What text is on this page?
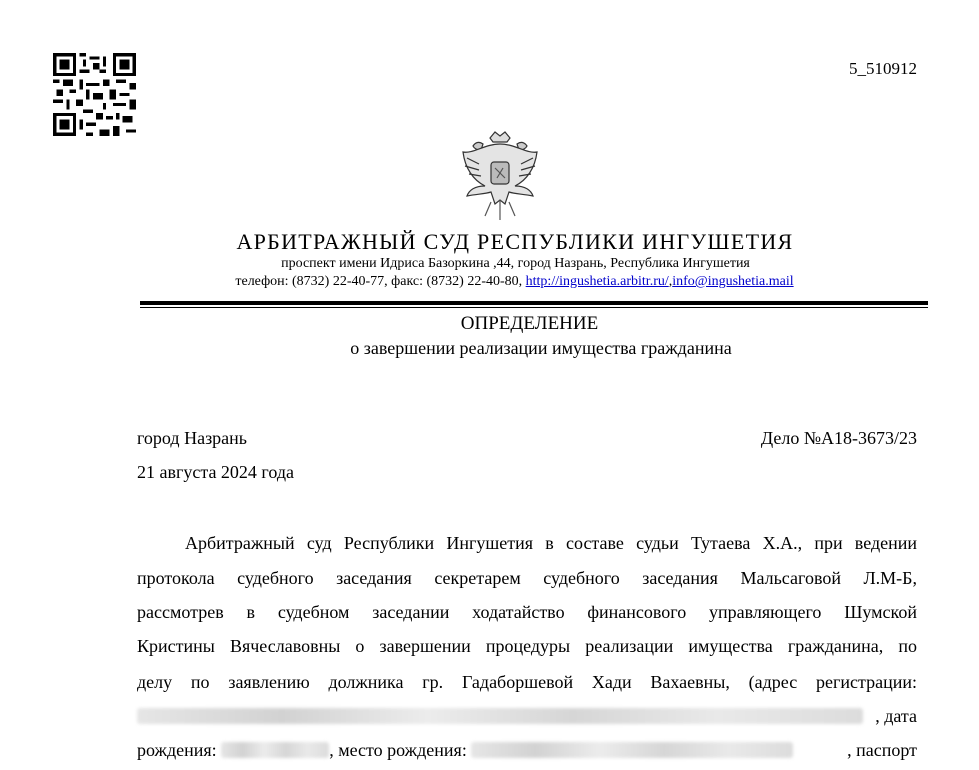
5_510912
АРБИТРАЖНЫЙ СУД РЕСПУБЛИКИ ИНГУШЕТИЯ
проспект имени Идриса Базоркина ,44, город Назрань, Республика Ингушетия
телефон: (8732) 22-40-77, факс: (8732) 22-40-80, http://ingushetia.arbitr.ru/,info@ingushetia.mail
ОПРЕДЕЛЕНИЕ
о завершении реализации имущества гражданина
город Назрань	Дело №А18-3673/23
21 августа 2024 года
Арбитражный суд Республики Ингушетия в составе судьи Тутаева Х.А., при ведении
протокола судебного заседания секретарем судебного заседания Мальсаговой Л.М-Б,
рассмотрев в судебном заседании ходатайство финансового управляющего Шумской
Кристины Вячеславовны о завершении процедуры реализации имущества гражданина, по
делу по заявлению должника гр. Гадаборшевой Хади Вахаевны, (адрес регистрации:
, дата
рождения:	, место рождения:	, паспорт
